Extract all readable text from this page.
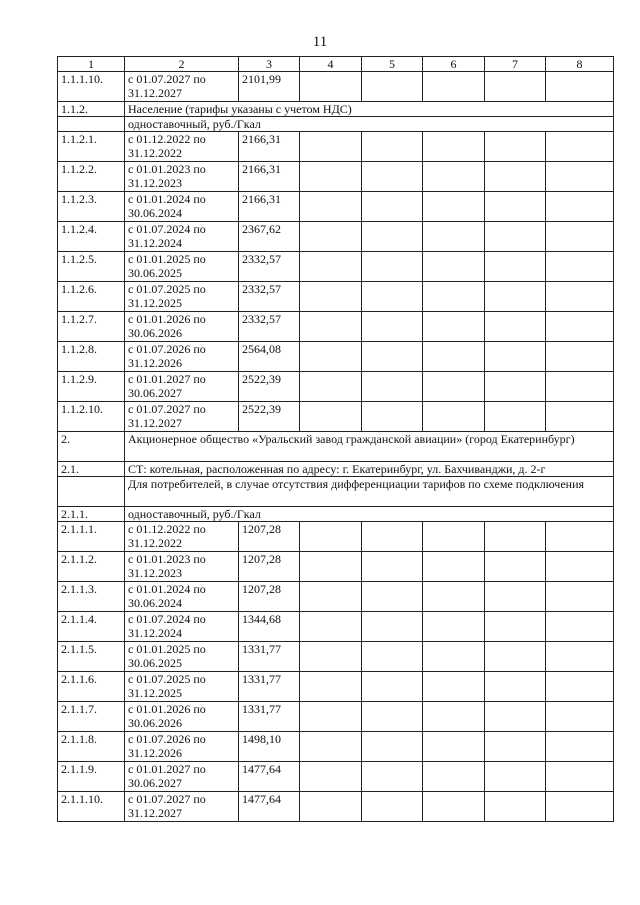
11
1	2	3	4	5	6	7	8
1.1.1.10.	с 01.07.2027 по 31.12.2027	2101,99					
1.1.2.	Население (тарифы указаны с учетом НДС)						
	одноставочный, руб./Гкал						
1.1.2.1.	с 01.12.2022 по 31.12.2022	2166,31					
1.1.2.2.	с 01.01.2023 по 31.12.2023	2166,31					
1.1.2.3.	с 01.01.2024 по 30.06.2024	2166,31					
1.1.2.4.	с 01.07.2024 по 31.12.2024	2367,62					
1.1.2.5.	с 01.01.2025 по 30.06.2025	2332,57					
1.1.2.6.	с 01.07.2025 по 31.12.2025	2332,57					
1.1.2.7.	с 01.01.2026 по 30.06.2026	2332,57					
1.1.2.8.	с 01.07.2026 по 31.12.2026	2564,08					
1.1.2.9.	с 01.01.2027 по 30.06.2027	2522,39					
1.1.2.10.	с 01.07.2027 по 31.12.2027	2522,39					
2.	Акционерное общество «Уральский завод гражданской авиации» (город Екатеринбург)						
2.1.	СТ: котельная, расположенная по адресу: г. Екатеринбург, ул. Бахчиванджи, д. 2-г						
	Для потребителей, в случае отсутствия дифференциации тарифов по схеме подключения						
2.1.1.	одноставочный, руб./Гкал						
2.1.1.1.	с 01.12.2022 по 31.12.2022	1207,28					
2.1.1.2.	с 01.01.2023 по 31.12.2023	1207,28					
2.1.1.3.	с 01.01.2024 по 30.06.2024	1207,28					
2.1.1.4.	с 01.07.2024 по 31.12.2024	1344,68					
2.1.1.5.	с 01.01.2025 по 30.06.2025	1331,77					
2.1.1.6.	с 01.07.2025 по 31.12.2025	1331,77					
2.1.1.7.	с 01.01.2026 по 30.06.2026	1331,77					
2.1.1.8.	с 01.07.2026 по 31.12.2026	1498,10					
2.1.1.9.	с 01.01.2027 по 30.06.2027	1477,64					
2.1.1.10.	с 01.07.2027 по 31.12.2027	1477,64					
